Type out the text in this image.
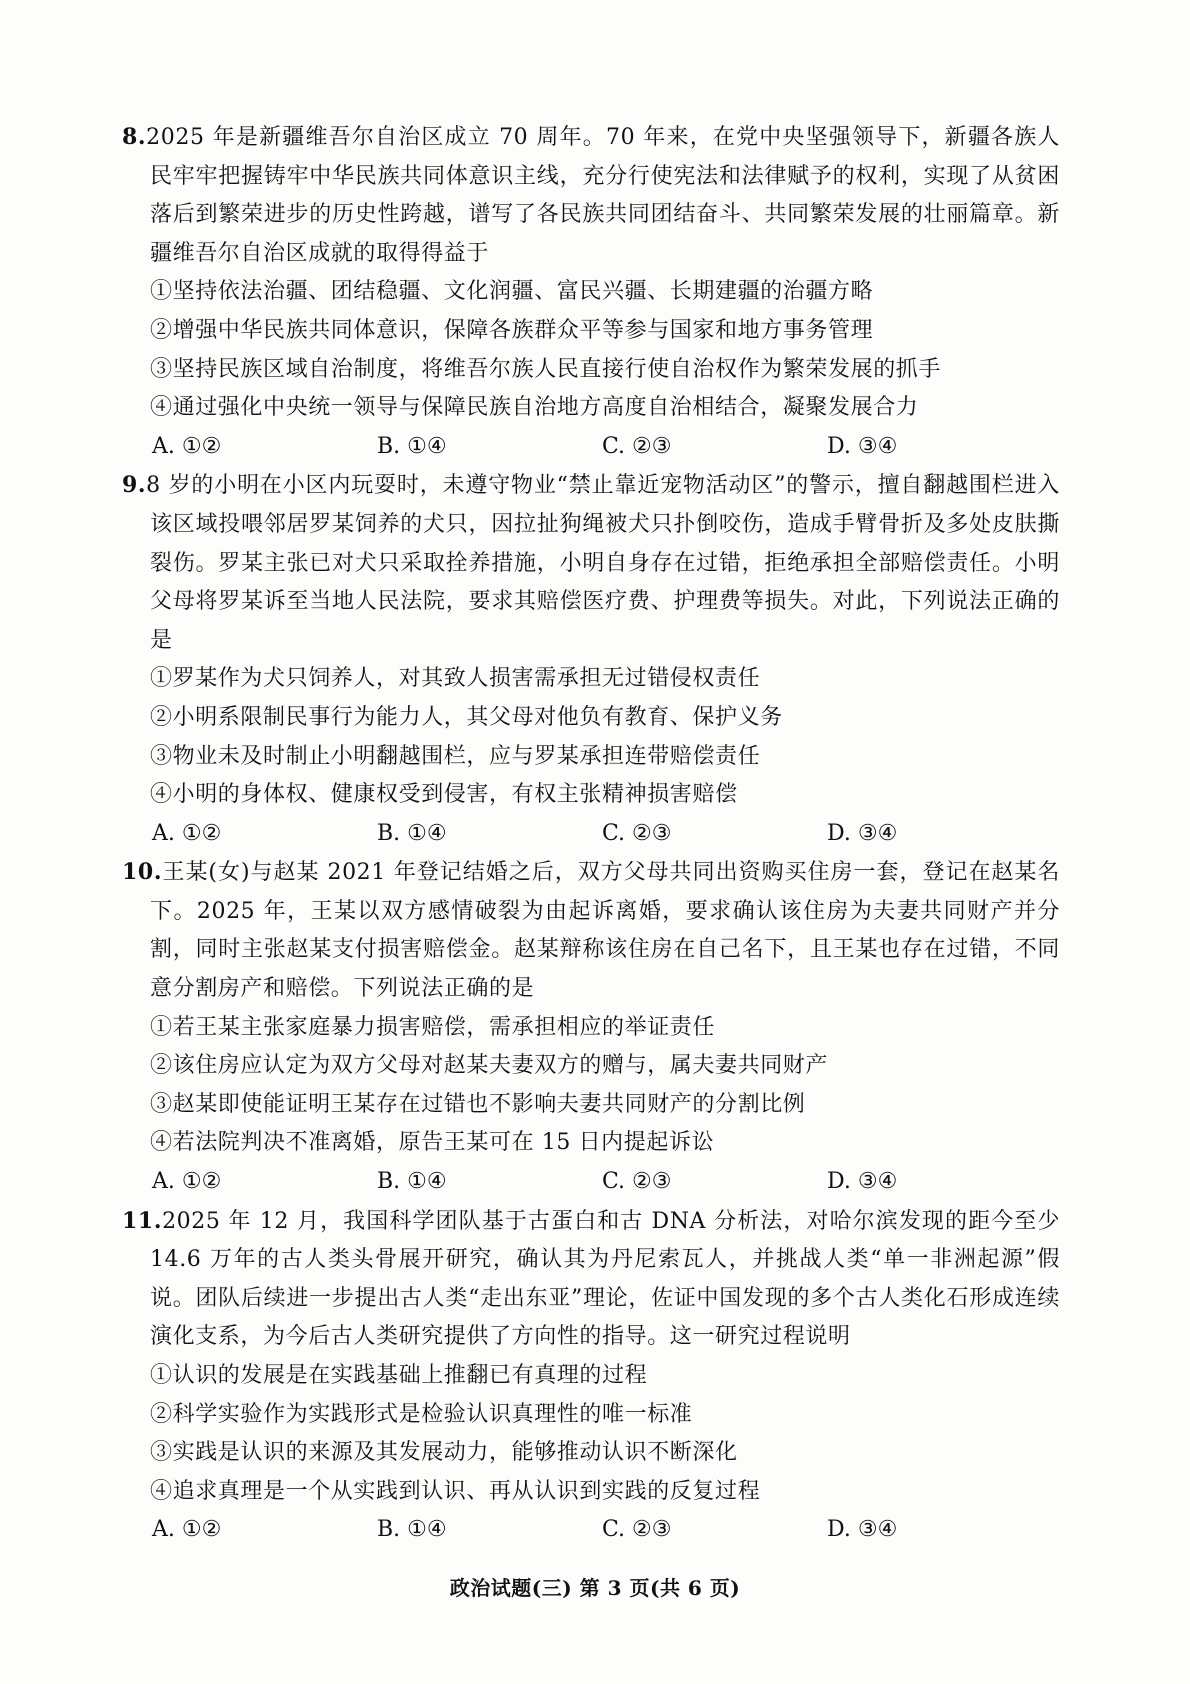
8.2025 年是新疆维吾尔自治区成立 70 周年。70 年来，在党中央坚强领导下，新疆各族人民牢牢把握铸牢中华民族共同体意识主线，充分行使宪法和法律赋予的权利，实现了从贫困落后到繁荣进步的历史性跨越，谱写了各民族共同团结奋斗、共同繁荣发展的壮丽篇章。新疆维吾尔自治区成就的取得得益于
①坚持依法治疆、团结稳疆、文化润疆、富民兴疆、长期建疆的治疆方略
②增强中华民族共同体意识，保障各族群众平等参与国家和地方事务管理
③坚持民族区域自治制度，将维吾尔族人民直接行使自治权作为繁荣发展的抓手
④通过强化中央统一领导与保障民族自治地方高度自治相结合，凝聚发展合力
A. ①②	B. ①④	C. ②③	D. ③④
9.8 岁的小明在小区内玩耍时，未遵守物业“禁止靠近宠物活动区”的警示，擅自翻越围栏进入该区域投喂邻居罗某饲养的犬只，因拉扯狗绳被犬只扑倒咬伤，造成手臂骨折及多处皮肤撕裂伤。罗某主张已对犬只采取拴养措施，小明自身存在过错，拒绝承担全部赔偿责任。小明父母将罗某诉至当地人民法院，要求其赔偿医疗费、护理费等损失。对此，下列说法正确的是
①罗某作为犬只饲养人，对其致人损害需承担无过错侵权责任
②小明系限制民事行为能力人，其父母对他负有教育、保护义务
③物业未及时制止小明翻越围栏，应与罗某承担连带赔偿责任
④小明的身体权、健康权受到侵害，有权主张精神损害赔偿
A. ①②	B. ①④	C. ②③	D. ③④
10.王某(女)与赵某 2021 年登记结婚之后，双方父母共同出资购买住房一套，登记在赵某名下。2025 年，王某以双方感情破裂为由起诉离婚，要求确认该住房为夫妻共同财产并分割，同时主张赵某支付损害赔偿金。赵某辩称该住房在自己名下，且王某也存在过错，不同意分割房产和赔偿。下列说法正确的是
①若王某主张家庭暴力损害赔偿，需承担相应的举证责任
②该住房应认定为双方父母对赵某夫妻双方的赠与，属夫妻共同财产
③赵某即使能证明王某存在过错也不影响夫妻共同财产的分割比例
④若法院判决不准离婚，原告王某可在 15 日内提起诉讼
A. ①②	B. ①④	C. ②③	D. ③④
11.2025 年 12 月，我国科学团队基于古蛋白和古 DNA 分析法，对哈尔滨发现的距今至少 14.6 万年的古人类头骨展开研究，确认其为丹尼索瓦人，并挑战人类“单一非洲起源”假说。团队后续进一步提出古人类“走出东亚”理论，佐证中国发现的多个古人类化石形成连续演化支系，为今后古人类研究提供了方向性的指导。这一研究过程说明
①认识的发展是在实践基础上推翻已有真理的过程
②科学实验作为实践形式是检验认识真理性的唯一标准
③实践是认识的来源及其发展动力，能够推动认识不断深化
④追求真理是一个从实践到认识、再从认识到实践的反复过程
A. ①②	B. ①④	C. ②③	D. ③④
政治试题(三) 第 3 页(共 6 页)
